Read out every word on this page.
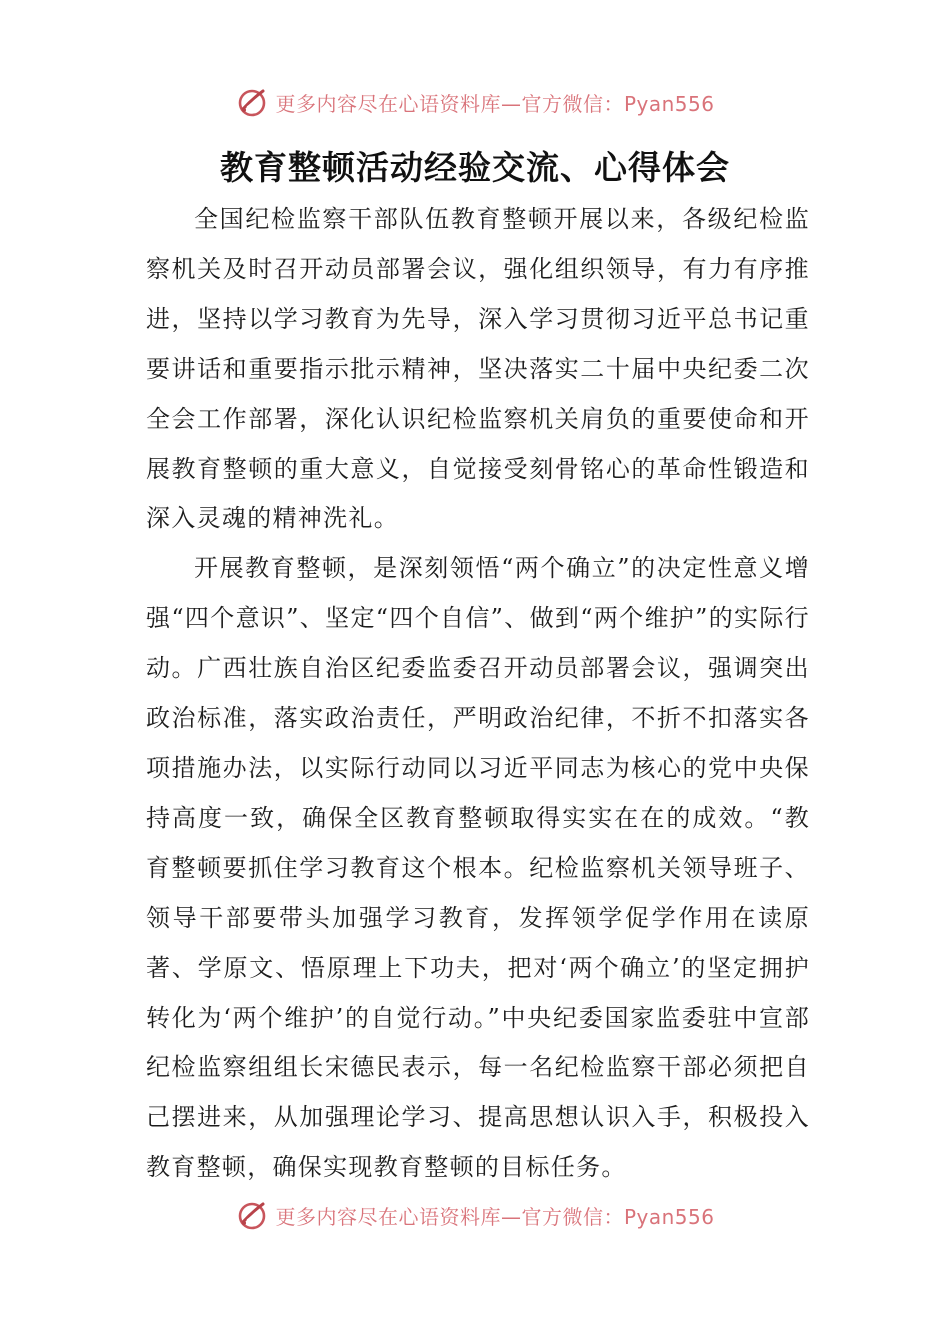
更多内容尽在心语资料库—官方微信：Pyan556
教育整顿活动经验交流、心得体会

全国纪检监察干部队伍教育整顿开展以来，各级纪检监察机关及时召开动员部署会议，强化组织领导，有力有序推进，坚持以学习教育为先导，深入学习贯彻习近平总书记重要讲话和重要指示批示精神，坚决落实二十届中央纪委二次全会工作部署，深化认识纪检监察机关肩负的重要使命和开展教育整顿的重大意义，自觉接受刻骨铭心的革命性锻造和深入灵魂的精神洗礼。

开展教育整顿，是深刻领悟“两个确立”的决定性意义增强“四个意识”、坚定“四个自信”、做到“两个维护”的实际行动。广西壮族自治区纪委监委召开动员部署会议，强调突出政治标准，落实政治责任，严明政治纪律，不折不扣落实各项措施办法，以实际行动同以习近平同志为核心的党中央保持高度一致，确保全区教育整顿取得实实在在的成效。“教育整顿要抓住学习教育这个根本。纪检监察机关领导班子、领导干部要带头加强学习教育，发挥领学促学作用在读原著、学原文、悟原理上下功夫，把对‘两个确立’的坚定拥护转化为‘两个维护’的自觉行动。”中央纪委国家监委驻中宣部纪检监察组组长宋德民表示，每一名纪检监察干部必须把自己摆进来，从加强理论学习、提高思想认识入手，积极投入教育整顿，确保实现教育整顿的目标任务。

更多内容尽在心语资料库—官方微信：Pyan556
